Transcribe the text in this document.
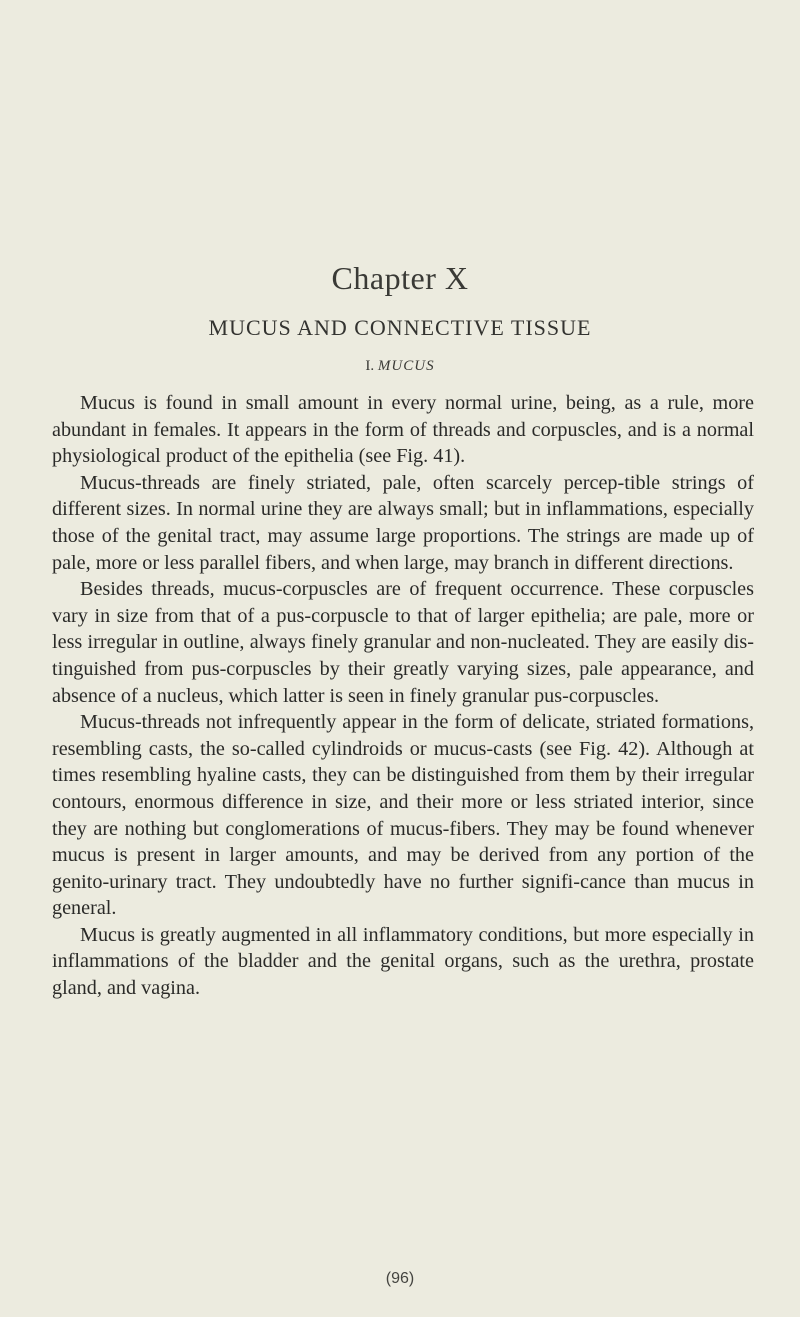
Chapter X
MUCUS AND CONNECTIVE TISSUE
I. MUCUS

Mucus is found in small amount in every normal urine, being, as a rule, more abundant in females. It appears in the form of threads and corpuscles, and is a normal physiological product of the epithelia (see Fig. 41).

Mucus-threads are finely striated, pale, often scarcely percep-tible strings of different sizes. In normal urine they are always small; but in inflammations, especially those of the genital tract, may assume large proportions. The strings are made up of pale, more or less parallel fibers, and when large, may branch in different directions.

Besides threads, mucus-corpuscles are of frequent occurrence. These corpuscles vary in size from that of a pus-corpuscle to that of larger epithelia; are pale, more or less irregular in outline, always finely granular and non-nucleated. They are easily dis-tinguished from pus-corpuscles by their greatly varying sizes, pale appearance, and absence of a nucleus, which latter is seen in finely granular pus-corpuscles.

Mucus-threads not infrequently appear in the form of delicate, striated formations, resembling casts, the so-called cylindroids or mucus-casts (see Fig. 42). Although at times resembling hyaline casts, they can be distinguished from them by their irregular contours, enormous difference in size, and their more or less striated interior, since they are nothing but conglomerations of mucus-fibers. They may be found whenever mucus is present in larger amounts, and may be derived from any portion of the genito-urinary tract. They undoubtedly have no further signifi-cance than mucus in general.

Mucus is greatly augmented in all inflammatory conditions, but more especially in inflammations of the bladder and the genital organs, such as the urethra, prostate gland, and vagina.

(96)
